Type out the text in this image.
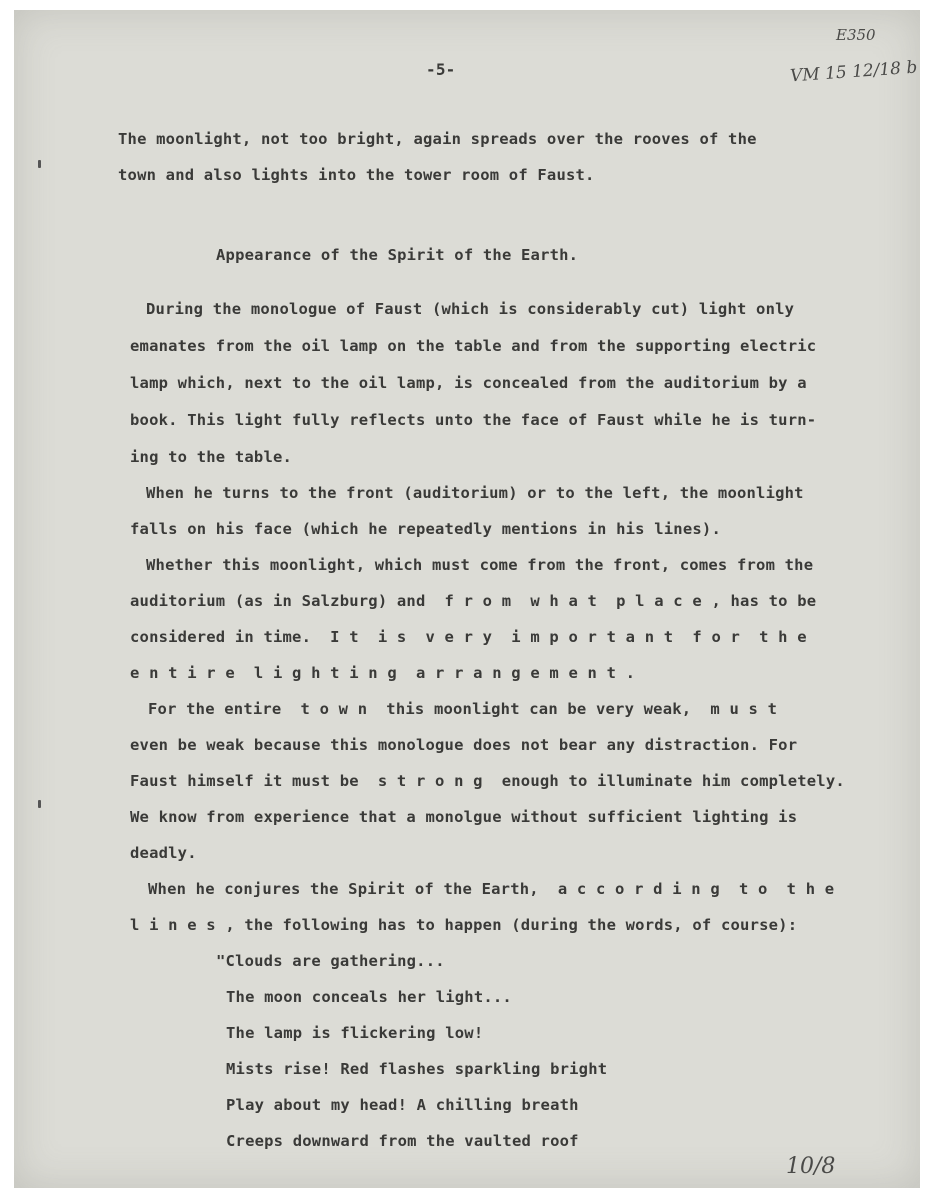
E350
VM 15 12/18 b
-5-
The moonlight, not too bright, again spreads over the rooves of the
town and also lights into the tower room of Faust.
Appearance of the Spirit of the Earth.
During the monologue of Faust (which is considerably cut) light only
emanates from the oil lamp on the table and from the supporting electric
lamp which, next to the oil lamp, is concealed from the auditorium by a
book. This light fully reflects unto the face of Faust while he is turn-
ing to the table.
When he turns to the front (auditorium) or to the left, the moonlight
falls on his face (which he repeatedly mentions in his lines).
Whether this moonlight, which must come from the front, comes from the
auditorium (as in Salzburg) and  f r o m  w h a t  p l a c e , has to be
considered in time.  I t  i s  v e r y  i m p o r t a n t  f o r  t h e
e n t i r e  l i g h t i n g  a r r a n g e m e n t .
For the entire  t o w n  this moonlight can be very weak,  m u s t
even be weak because this monologue does not bear any distraction. For
Faust himself it must be  s t r o n g  enough to illuminate him completely.
We know from experience that a monolgue without sufficient lighting is
deadly.
When he conjures the Spirit of the Earth,  a c c o r d i n g  t o  t h e
l i n e s , the following has to happen (during the words, of course):
"Clouds are gathering...
The moon conceals her light...
The lamp is flickering low!
Mists rise! Red flashes sparkling bright
Play about my head! A chilling breath
Creeps downward from the vaulted roof
10/8
